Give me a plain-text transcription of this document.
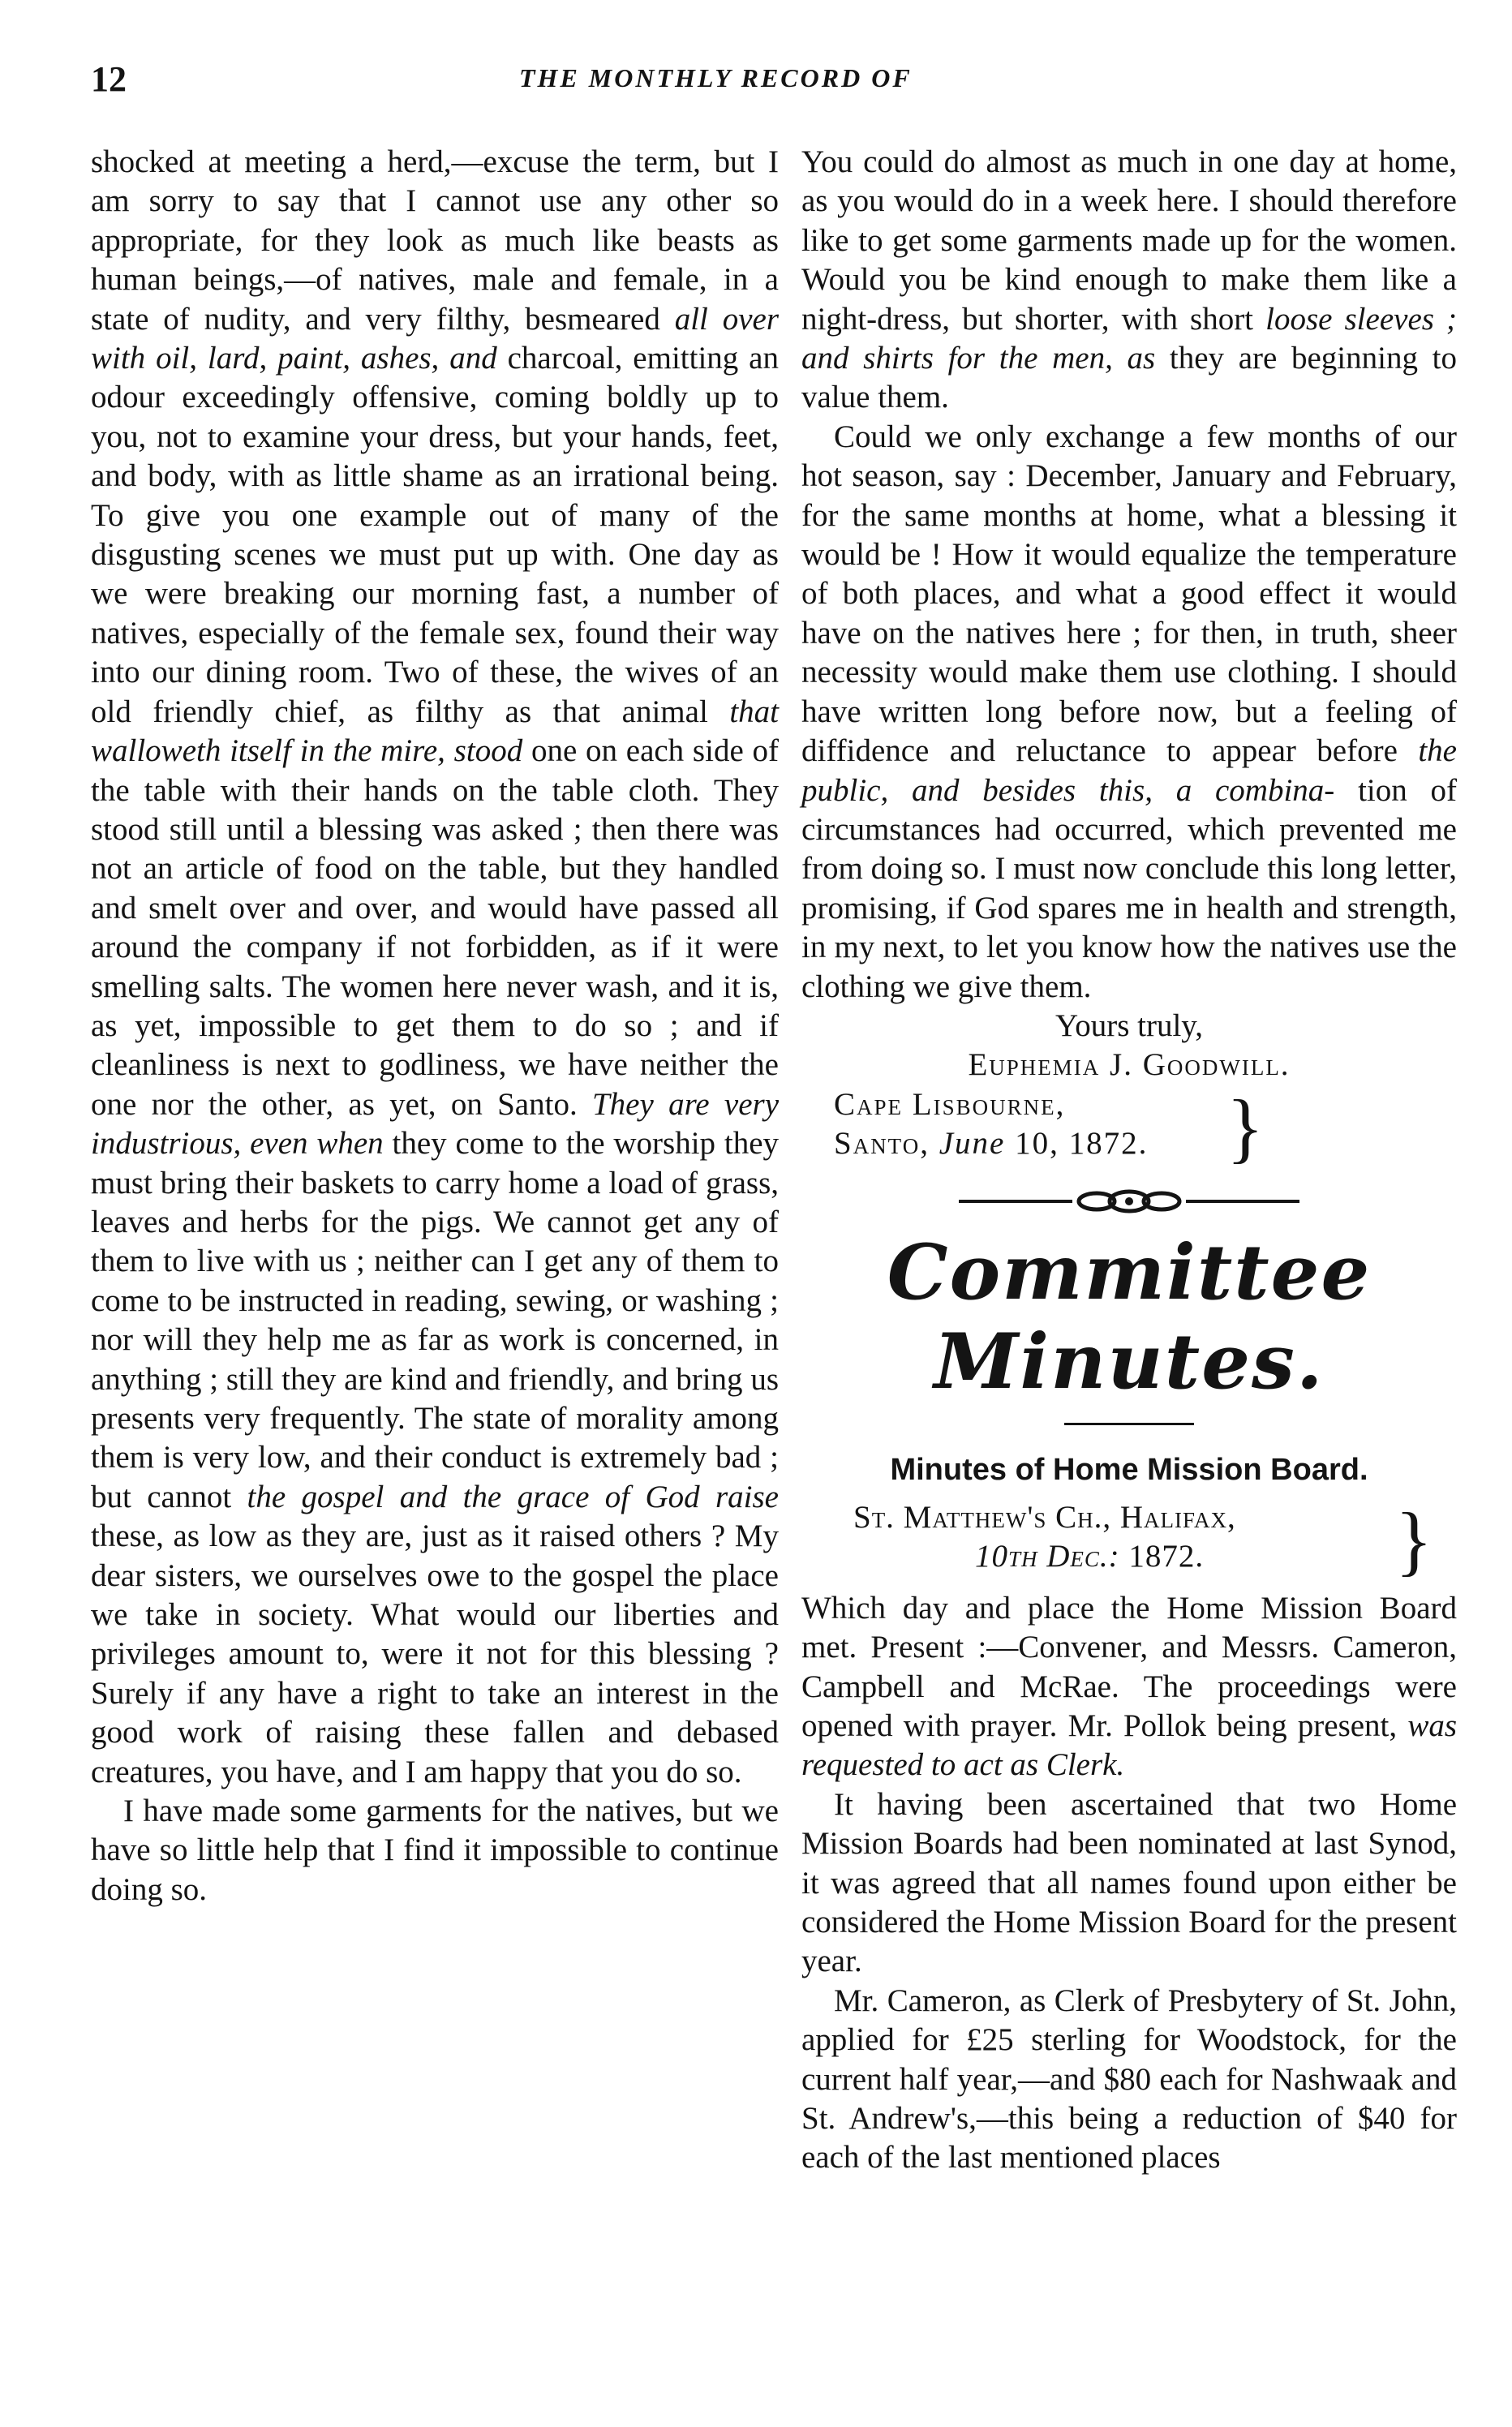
12	THE MONTHLY RECORD OF

shocked at meeting a herd,—excuse the term, but I am sorry to say that I cannot use any other so appropriate, for they look as much like beasts as human beings,—of natives, male and female, in a state of nudity, and very filthy, besmeared all over with oil, lard, paint, ashes, and charcoal, emitting an odour exceedingly offensive, coming boldly up to you, not to examine your dress, but your hands, feet, and body, with as little shame as an irrational being. To give you one example out of many of the disgusting scenes we must put up with. One day as we were breaking our morning fast, a number of natives, especially of the female sex, found their way into our dining room. Two of these, the wives of an old friendly chief, as filthy as that animal that walloweth itself in the mire, stood one on each side of the table with their hands on the table cloth. They stood still until a blessing was asked ; then there was not an article of food on the table, but they handled and smelt over and over, and would have passed all around the company if not forbidden, as if it were smelling salts. The women here never wash, and it is, as yet, impossible to get them to do so ; and if cleanliness is next to godliness, we have neither the one nor the other, as yet, on Santo. They are very industrious, even when they come to the worship they must bring their baskets to carry home a load of grass, leaves and herbs for the pigs. We cannot get any of them to live with us ; neither can I get any of them to come to be instructed in reading, sewing, or washing ; nor will they help me as far as work is concerned, in anything ; still they are kind and friendly, and bring us presents very frequently. The state of morality among them is very low, and their conduct is extremely bad ; but cannot the gospel and the grace of God raise these, as low as they are, just as it raised others ? My dear sisters, we ourselves owe to the gospel the place we take in society. What would our liberties and privileges amount to, were it not for this blessing ? Surely if any have a right to take an interest in the good work of raising these fallen and debased creatures, you have, and I am happy that you do so.

I have made some garments for the natives, but we have so little help that I find it impossible to continue doing so.

You could do almost as much in one day at home, as you would do in a week here. I should therefore like to get some garments made up for the women. Would you be kind enough to make them like a night-dress, but shorter, with short loose sleeves ; and shirts for the men, as they are beginning to value them.

Could we only exchange a few months of our hot season, say : December, January and February, for the same months at home, what a blessing it would be ! How it would equalize the temperature of both places, and what a good effect it would have on the natives here ; for then, in truth, sheer necessity would make them use clothing. I should have written long before now, but a feeling of diffidence and reluctance to appear before the public, and besides this, a combina- tion of circumstances had occurred, which prevented me from doing so. I must now conclude this long letter, promising, if God spares me in health and strength, in my next, to let you know how the natives use the clothing we give them.

Yours truly,

Euphemia J. Goodwill.

Cape Lisbourne,
Santo, June 10, 1872.	}
Committee Minutes.
Minutes of Home Mission Board.
St. Matthew's Ch., Halifax,
10th Dec.: 1872.	}

Which day and place the Home Mission Board met. Present :—Convener, and Messrs. Cameron, Campbell and McRae. The proceedings were opened with prayer. Mr. Pollok being present, was requested to act as Clerk.

It having been ascertained that two Home Mission Boards had been nominated at last Synod, it was agreed that all names found upon either be considered the Home Mission Board for the present year.

Mr. Cameron, as Clerk of Presbytery of St. John, applied for £25 sterling for Woodstock, for the current half year,—and $80 each for Nashwaak and St. Andrew's,—this being a reduction of $40 for each of the last mentioned places
